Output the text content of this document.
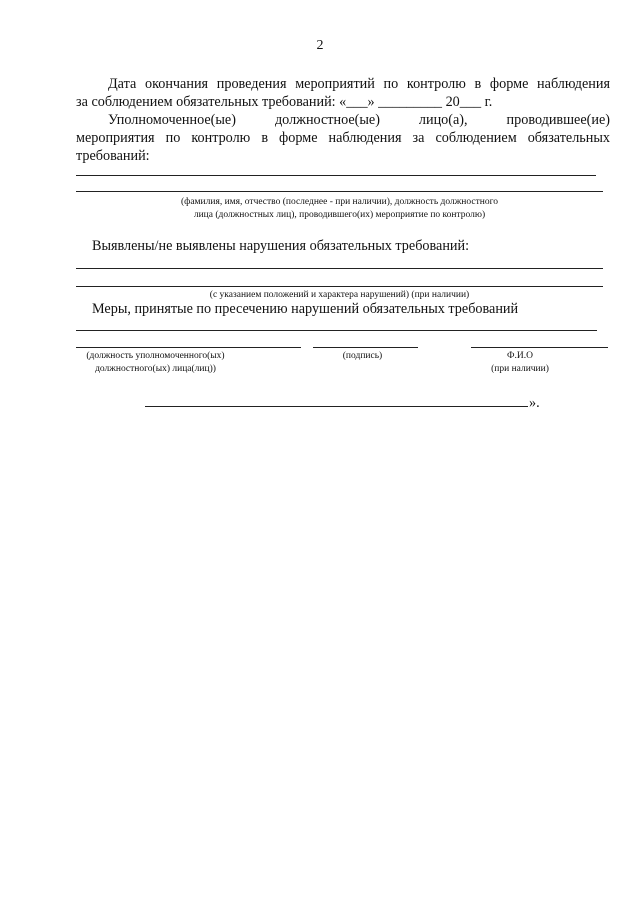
2
Дата окончания проведения мероприятий по контролю в форме наблюдения
за соблюдением обязательных требований: «___» _________ 20___ г.
Уполномоченное(ые) должностное(ые) лицо(а), проводившее(ие)
мероприятия по контролю в форме наблюдения за соблюдением обязательных
требований:
(фамилия, имя, отчество (последнее - при наличии), должность должностного
лица (должностных лиц), проводившего(их) мероприятие по контролю)
Выявлены/не выявлены нарушения обязательных требований:
(с указанием положений и характера нарушений) (при наличии)
Меры, принятые по пресечению нарушений обязательных требований
(должность уполномоченного(ых)
должностного(ых) лица(лиц))
(подпись)	Ф.И.О
(при наличии)
».
